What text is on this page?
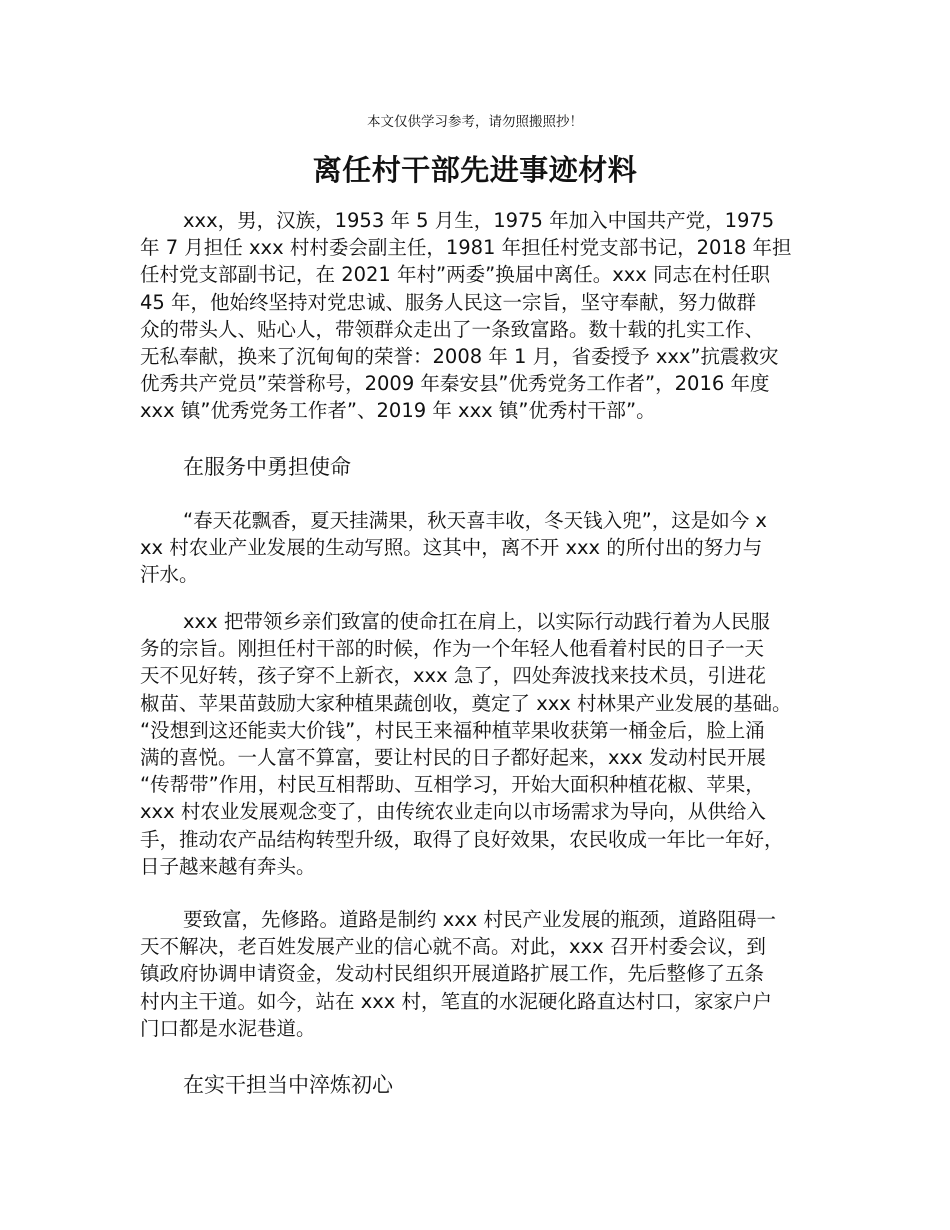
本文仅供学习参考，请勿照搬照抄！
离任村干部先进事迹材料
xxx，男，汉族，1953 年 5 月生，1975 年加入中国共产党，1975
年 7 月担任 xxx 村村委会副主任，1981 年担任村党支部书记，2018 年担
任村党支部副书记，在 2021 年村”两委”换届中离任。xxx 同志在村任职
45 年，他始终坚持对党忠诚、服务人民这一宗旨，坚守奉献，努力做群
众的带头人、贴心人，带领群众走出了一条致富路。数十载的扎实工作、
无私奉献，换来了沉甸甸的荣誉：2008 年 1 月，省委授予 xxx”抗震救灾
优秀共产党员”荣誉称号，2009 年秦安县”优秀党务工作者”，2016 年度
xxx 镇”优秀党务工作者”、2019 年 xxx 镇”优秀村干部”。
在服务中勇担使命
“春天花飘香，夏天挂满果，秋天喜丰收，冬天钱入兜”，这是如今 x
xx 村农业产业发展的生动写照。这其中，离不开 xxx 的所付出的努力与
汗水。
xxx 把带领乡亲们致富的使命扛在肩上，以实际行动践行着为人民服
务的宗旨。刚担任村干部的时候，作为一个年轻人他看着村民的日子一天
天不见好转，孩子穿不上新衣，xxx 急了，四处奔波找来技术员，引进花
椒苗、苹果苗鼓励大家种植果蔬创收，奠定了 xxx 村林果产业发展的基础。
“没想到这还能卖大价钱”，村民王来福种植苹果收获第一桶金后，脸上涌
满的喜悦。一人富不算富，要让村民的日子都好起来，xxx 发动村民开展
“传帮带”作用，村民互相帮助、互相学习，开始大面积种植花椒、苹果，
xxx 村农业发展观念变了，由传统农业走向以市场需求为导向，从供给入
手，推动农产品结构转型升级，取得了良好效果，农民收成一年比一年好，
日子越来越有奔头。
要致富，先修路。道路是制约 xxx 村民产业发展的瓶颈，道路阻碍一
天不解决，老百姓发展产业的信心就不高。对此，xxx 召开村委会议，到
镇政府协调申请资金，发动村民组织开展道路扩展工作，先后整修了五条
村内主干道。如今，站在 xxx 村，笔直的水泥硬化路直达村口，家家户户
门口都是水泥巷道。
在实干担当中淬炼初心
